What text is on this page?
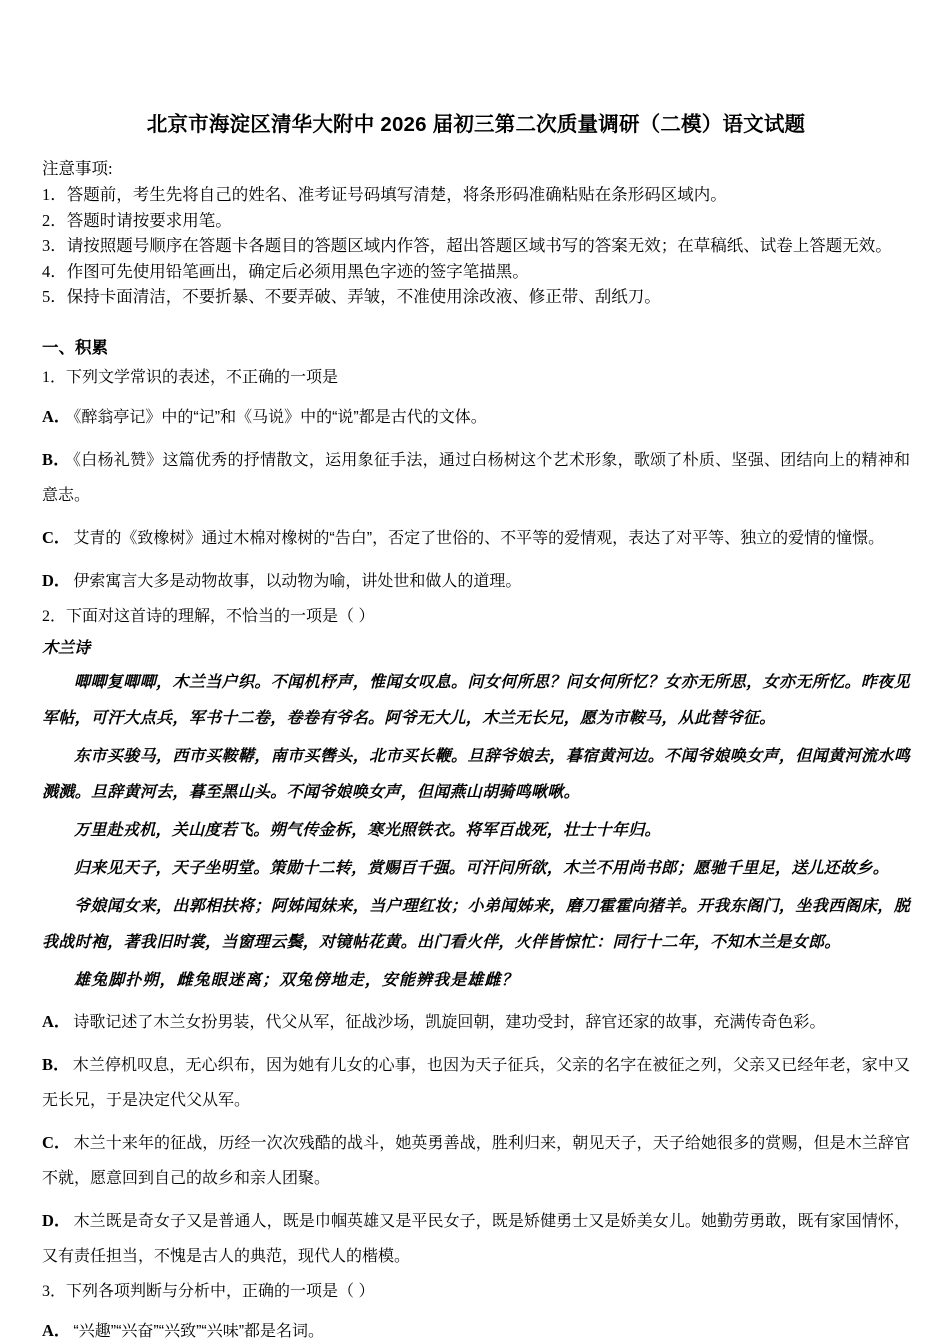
北京市海淀区清华大附中 2026 届初三第二次质量调研（二模）语文试题

注意事项:

1．答题前，考生先将自己的姓名、准考证号码填写清楚，将条形码准确粘贴在条形码区域内。

2．答题时请按要求用笔。

3．请按照题号顺序在答题卡各题目的答题区域内作答，超出答题区域书写的答案无效；在草稿纸、试卷上答题无效。

4．作图可先使用铅笔画出，确定后必须用黑色字迹的签字笔描黑。

5．保持卡面清洁，不要折暴、不要弄破、弄皱，不准使用涂改液、修正带、刮纸刀。

一、积累

1．下列文学常识的表述，不正确的一项是

A． 《醉翁亭记》中的“记”和《马说》中的“说”都是古代的文体。

B． 《白杨礼赞》这篇优秀的抒情散文，运用象征手法，通过白杨树这个艺术形象，歌颂了朴质、坚强、团结向上的精神和意志。

C． 艾青的《致橡树》通过木棉对橡树的“告白”，否定了世俗的、不平等的爱情观，表达了对平等、独立的爱情的憧憬。

D． 伊索寓言大多是动物故事，以动物为喻，讲处世和做人的道理。

2．下面对这首诗的理解，不恰当的一项是（ ）

木兰诗

唧唧复唧唧，木兰当户织。不闻机杼声，惟闻女叹息。问女何所思？问女何所忆？女亦无所思，女亦无所忆。昨夜见军帖，可汗大点兵，军书十二卷，卷卷有爷名。阿爷无大儿，木兰无长兄，愿为市鞍马，从此替爷征。

东市买骏马，西市买鞍鞯，南市买辔头，北市买长鞭。旦辞爷娘去，暮宿黄河边。不闻爷娘唤女声，但闻黄河流水鸣溅溅。旦辞黄河去，暮至黑山头。不闻爷娘唤女声，但闻燕山胡骑鸣啾啾。

万里赴戎机，关山度若飞。朔气传金柝，寒光照铁衣。将军百战死，壮士十年归。

归来见天子，天子坐明堂。策勋十二转，赏赐百千强。可汗问所欲，木兰不用尚书郎；愿驰千里足，送儿还故乡。

爷娘闻女来，出郭相扶将；阿姊闻妹来，当户理红妆；小弟闻姊来，磨刀霍霍向猪羊。开我东阁门，坐我西阁床，脱我战时袍，著我旧时裳，当窗理云鬓，对镜帖花黄。出门看火伴，火伴皆惊忙：同行十二年，不知木兰是女郎。

雄兔脚扑朔，雌兔眼迷离；双兔傍地走，安能辨我是雄雌？

A． 诗歌记述了木兰女扮男装，代父从军，征战沙场，凯旋回朝，建功受封，辞官还家的故事，充满传奇色彩。

B． 木兰停机叹息，无心织布，因为她有儿女的心事，也因为天子征兵，父亲的名字在被征之列，父亲又已经年老，家中又无长兄，于是决定代父从军。

C． 木兰十来年的征战，历经一次次残酷的战斗，她英勇善战，胜利归来，朝见天子，天子给她很多的赏赐，但是木兰辞官不就，愿意回到自己的故乡和亲人团聚。

D． 木兰既是奇女子又是普通人，既是巾帼英雄又是平民女子，既是矫健勇士又是娇美女儿。她勤劳勇敢，既有家国情怀，又有责任担当，不愧是古人的典范，现代人的楷模。

3．下列各项判断与分析中，正确的一项是（ ）

A． “兴趣”“兴奋”“兴致”“兴味”都是名词。
